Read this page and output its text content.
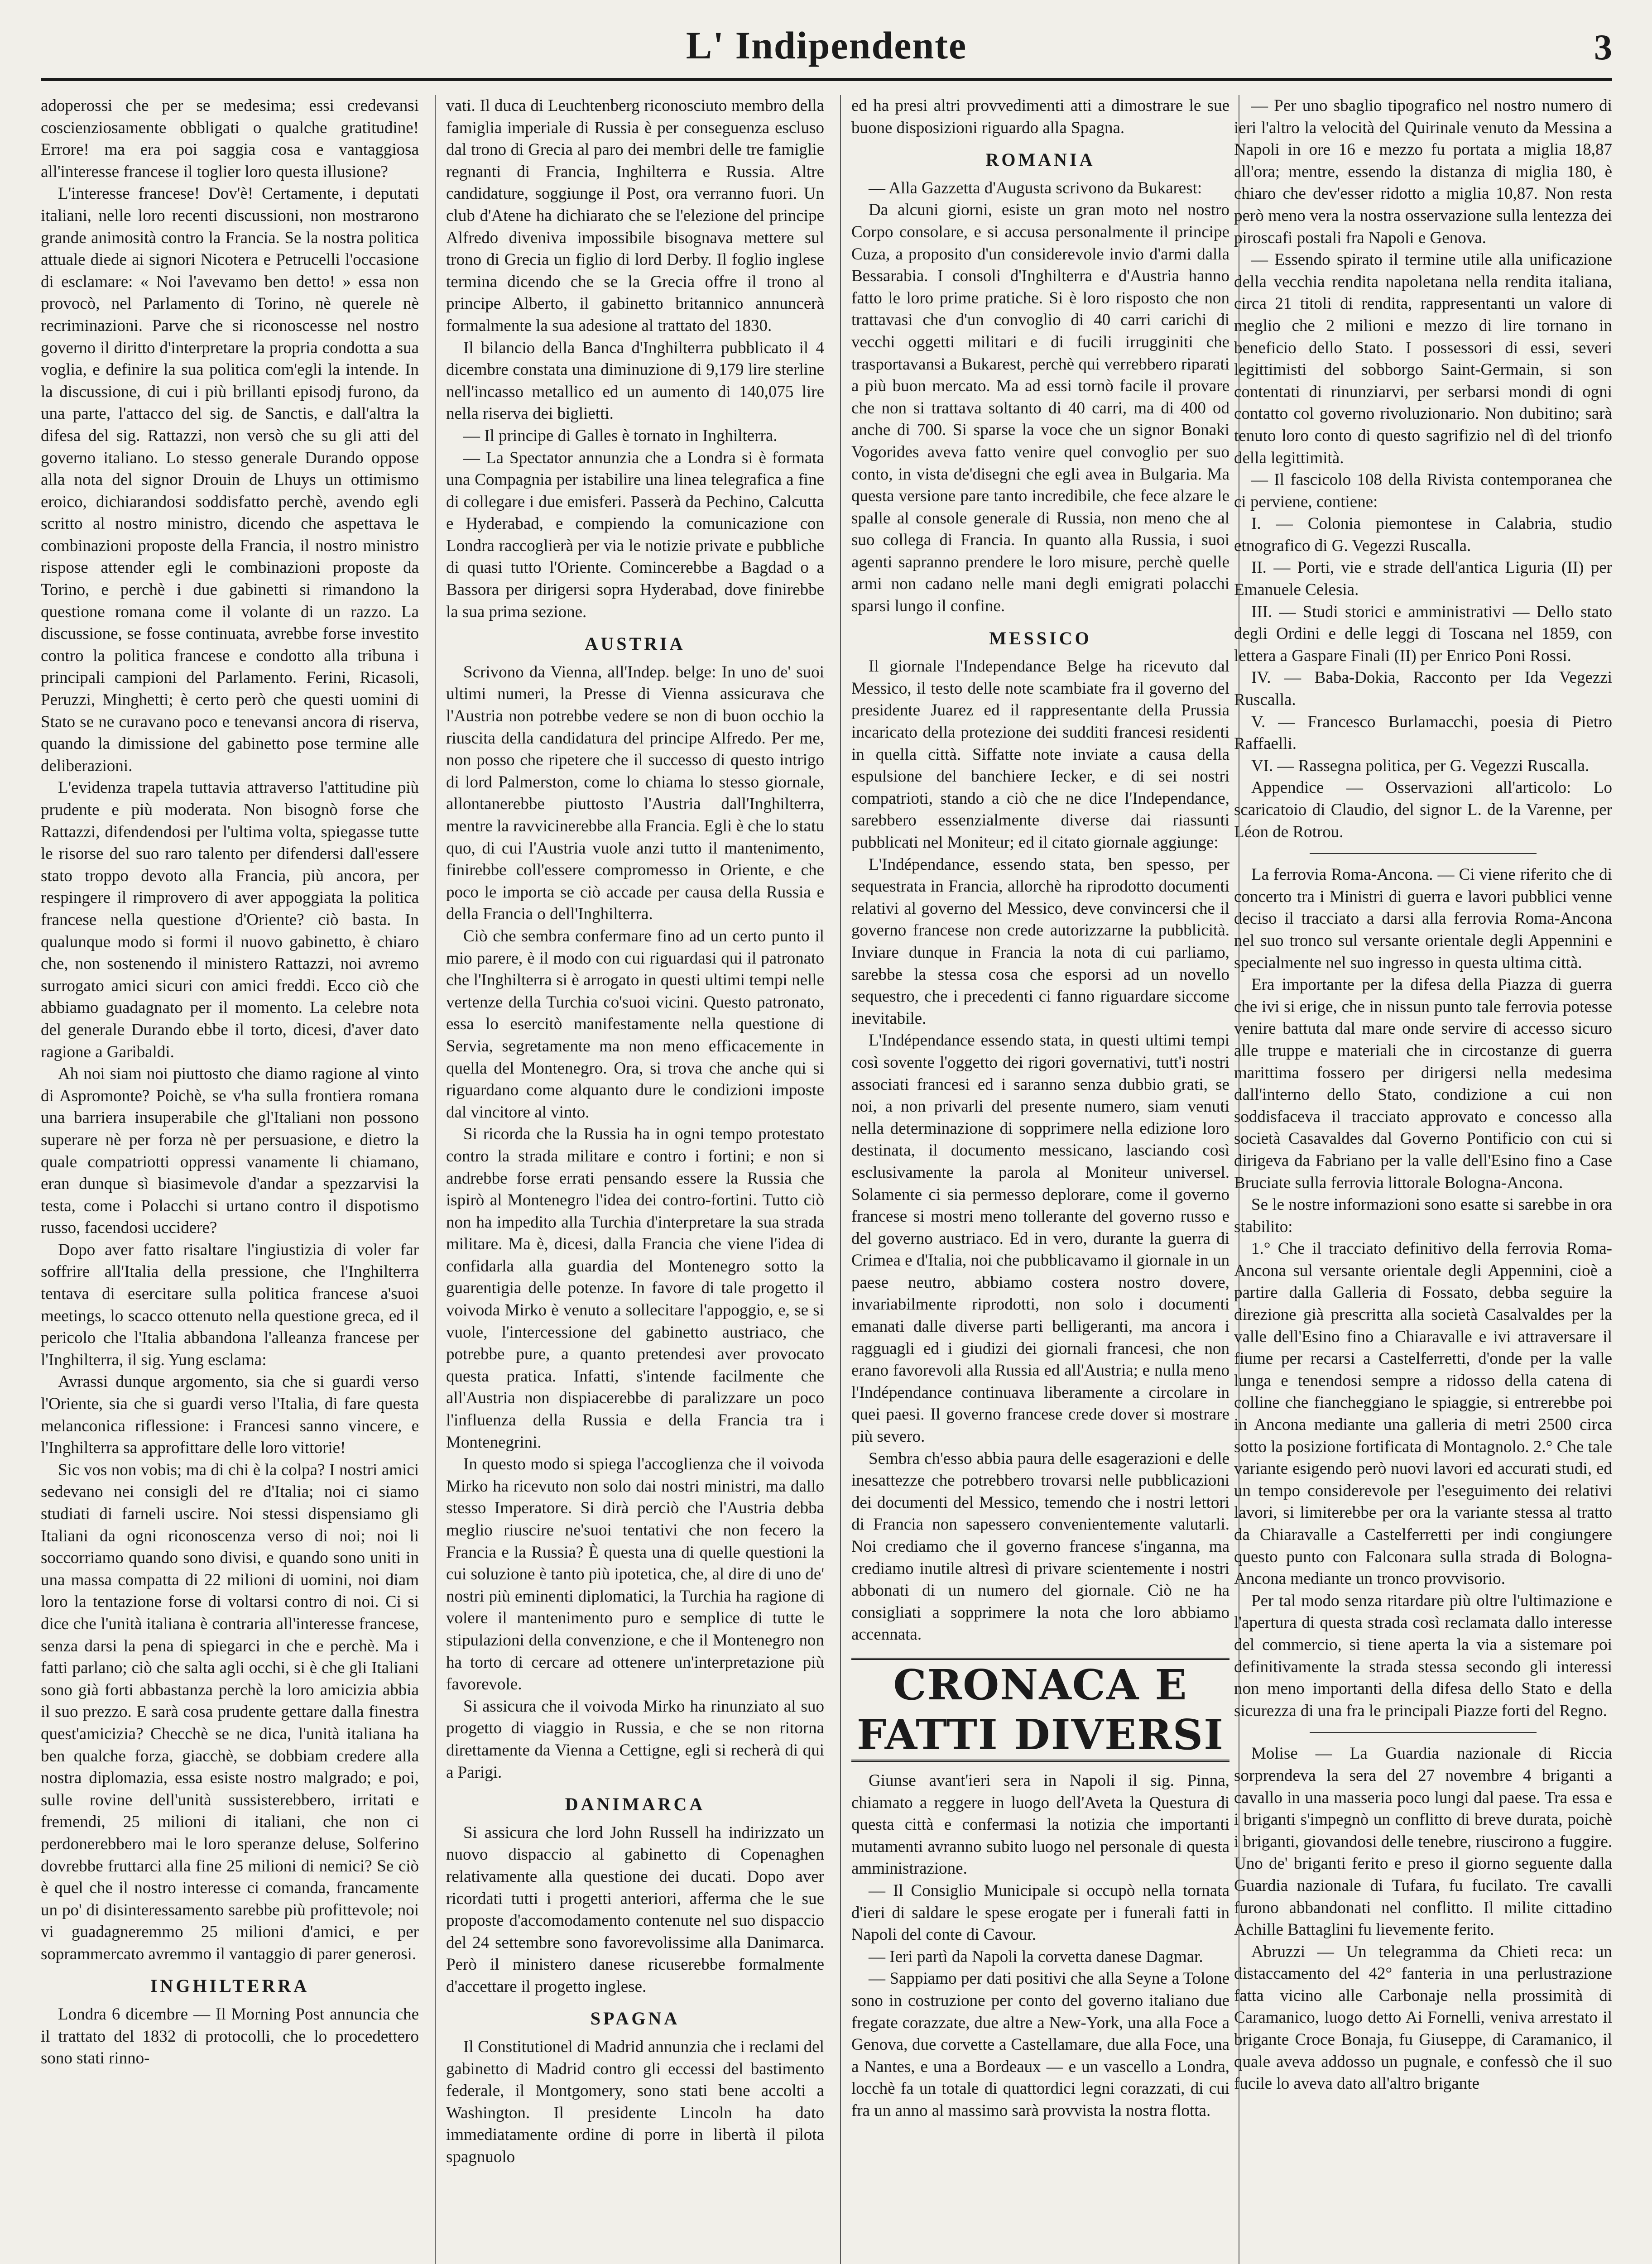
L' Indipendente	3

adoperossi che per se medesima; essi credevansi coscienziosamente obbligati o qualche gratitudine! Errore! ma era poi saggia cosa e vantaggiosa all'interesse francese il toglier loro questa illusione?

L'interesse francese! Dov'è! Certamente, i deputati italiani, nelle loro recenti discussioni, non mostrarono grande animosità contro la Francia. Se la nostra politica attuale diede ai signori Nicotera e Petrucelli l'occasione di esclamare: « Noi l'avevamo ben detto! » essa non provocò, nel Parlamento di Torino, nè querele nè recriminazioni. Parve che si riconoscesse nel nostro governo il diritto d'interpretare la propria condotta a sua voglia, e definire la sua politica com'egli la intende. In la discussione, di cui i più brillanti episodj furono, da una parte, l'attacco del sig. de Sanctis, e dall'altra la difesa del sig. Rattazzi, non versò che su gli atti del governo italiano. Lo stesso generale Durando oppose alla nota del signor Drouin de Lhuys un ottimismo eroico, dichiarandosi soddisfatto perchè, avendo egli scritto al nostro ministro, dicendo che aspettava le combinazioni proposte della Francia, il nostro ministro rispose attender egli le combinazioni proposte da Torino, e perchè i due gabinetti si rimandono la questione romana come il volante di un razzo. La discussione, se fosse continuata, avrebbe forse investito contro la politica francese e condotto alla tribuna i principali campioni del Parlamento. Ferini, Ricasoli, Peruzzi, Minghetti; è certo però che questi uomini di Stato se ne curavano poco e tenevansi ancora di riserva, quando la dimissione del gabinetto pose termine alle deliberazioni.

L'evidenza trapela tuttavia attraverso l'attitudine più prudente e più moderata. Non bisognò forse che Rattazzi, difendendosi per l'ultima volta, spiegasse tutte le risorse del suo raro talento per difendersi dall'essere stato troppo devoto alla Francia, più ancora, per respingere il rimprovero di aver appoggiata la politica francese nella questione d'Oriente? ciò basta. In qualunque modo si formi il nuovo gabinetto, è chiaro che, non sostenendo il ministero Rattazzi, noi avremo surrogato amici sicuri con amici freddi. Ecco ciò che abbiamo guadagnato per il momento. La celebre nota del generale Durando ebbe il torto, dicesi, d'aver dato ragione a Garibaldi.

Ah noi siam noi piuttosto che diamo ragione al vinto di Aspromonte? Poichè, se v'ha sulla frontiera romana una barriera insuperabile che gl'Italiani non possono superare nè per forza nè per persuasione, e dietro la quale compatriotti oppressi vanamente li chiamano, eran dunque sì biasimevole d'andar a spezzarvisi la testa, come i Polacchi si urtano contro il dispotismo russo, facendosi uccidere?

Dopo aver fatto risaltare l'ingiustizia di voler far soffrire all'Italia della pressione, che l'Inghilterra tentava di esercitare sulla politica francese a'suoi meetings, lo scacco ottenuto nella questione greca, ed il pericolo che l'Italia abbandona l'alleanza francese per l'Inghilterra, il sig. Yung esclama:

Avrassi dunque argomento, sia che si guardi verso l'Oriente, sia che si guardi verso l'Italia, di fare questa melanconica riflessione: i Francesi sanno vincere, e l'Inghilterra sa approfittare delle loro vittorie!

Sic vos non vobis; ma di chi è la colpa? I nostri amici sedevano nei consigli del re d'Italia; noi ci siamo studiati di farneli uscire. Noi stessi dispensiamo gli Italiani da ogni riconoscenza verso di noi; noi li soccorriamo quando sono divisi, e quando sono uniti in una massa compatta di 22 milioni di uomini, noi diam loro la tentazione forse di voltarsi contro di noi. Ci si dice che l'unità italiana è contraria all'interesse francese, senza darsi la pena di spiegarci in che e perchè. Ma i fatti parlano; ciò che salta agli occhi, si è che gli Italiani sono già forti abbastanza perchè la loro amicizia abbia il suo prezzo. E sarà cosa prudente gettare dalla finestra quest'amicizia? Checchè se ne dica, l'unità italiana ha ben qualche forza, giacchè, se dobbiam credere alla nostra diplomazia, essa esiste nostro malgrado; e poi, sulle rovine dell'unità sussisterebbero, irritati e fremendi, 25 milioni di italiani, che non ci perdonerebbero mai le loro speranze deluse, Solferino dovrebbe fruttarci alla fine 25 milioni di nemici? Se ciò è quel che il nostro interesse ci comanda, francamente un po' di disinteressamento sarebbe più profittevole; noi vi guadagneremmo 25 milioni d'amici, e per soprammercato avremmo il vantaggio di parer generosi.

INGHILTERRA

Londra 6 dicembre — Il Morning Post annuncia che il trattato del 1832 di protocolli, che lo procedettero sono stati rinno-

vati. Il duca di Leuchtenberg riconosciuto membro della famiglia imperiale di Russia è per conseguenza escluso dal trono di Grecia al paro dei membri delle tre famiglie regnanti di Francia, Inghilterra e Russia. Altre candidature, soggiunge il Post, ora verranno fuori. Un club d'Atene ha dichiarato che se l'elezione del principe Alfredo diveniva impossibile bisognava mettere sul trono di Grecia un figlio di lord Derby. Il foglio inglese termina dicendo che se la Grecia offre il trono al principe Alberto, il gabinetto britannico annuncerà formalmente la sua adesione al trattato del 1830.

Il bilancio della Banca d'Inghilterra pubblicato il 4 dicembre constata una diminuzione di 9,179 lire sterline nell'incasso metallico ed un aumento di 140,075 lire nella riserva dei biglietti.

— Il principe di Galles è tornato in Inghilterra.

— La Spectator annunzia che a Londra si è formata una Compagnia per istabilire una linea telegrafica a fine di collegare i due emisferi. Passerà da Pechino, Calcutta e Hyderabad, e compiendo la comunicazione con Londra raccoglierà per via le notizie private e pubbliche di quasi tutto l'Oriente. Comincerebbe a Bagdad o a Bassora per dirigersi sopra Hyderabad, dove finirebbe la sua prima sezione.

AUSTRIA

Scrivono da Vienna, all'Indep. belge: In uno de' suoi ultimi numeri, la Presse di Vienna assicurava che l'Austria non potrebbe vedere se non di buon occhio la riuscita della candidatura del principe Alfredo. Per me, non posso che ripetere che il successo di questo intrigo di lord Palmerston, come lo chiama lo stesso giornale, allontanerebbe piuttosto l'Austria dall'Inghilterra, mentre la ravvicinerebbe alla Francia. Egli è che lo statu quo, di cui l'Austria vuole anzi tutto il mantenimento, finirebbe coll'essere compromesso in Oriente, e che poco le importa se ciò accade per causa della Russia e della Francia o dell'Inghilterra.

Ciò che sembra confermare fino ad un certo punto il mio parere, è il modo con cui riguardasi qui il patronato che l'Inghilterra si è arrogato in questi ultimi tempi nelle vertenze della Turchia co'suoi vicini. Questo patronato, essa lo esercitò manifestamente nella questione di Servia, segretamente ma non meno efficacemente in quella del Montenegro. Ora, si trova che anche qui si riguardano come alquanto dure le condizioni imposte dal vincitore al vinto.

Si ricorda che la Russia ha in ogni tempo protestato contro la strada militare e contro i fortini; e non si andrebbe forse errati pensando essere la Russia che ispirò al Montenegro l'idea dei contro-fortini. Tutto ciò non ha impedito alla Turchia d'interpretare la sua strada militare. Ma è, dicesi, dalla Francia che viene l'idea di confidarla alla guardia del Montenegro sotto la guarentigia delle potenze. In favore di tale progetto il voivoda Mirko è venuto a sollecitare l'appoggio, e, se si vuole, l'intercessione del gabinetto austriaco, che potrebbe pure, a quanto pretendesi aver provocato questa pratica. Infatti, s'intende facilmente che all'Austria non dispiacerebbe di paralizzare un poco l'influenza della Russia e della Francia tra i Montenegrini.

In questo modo si spiega l'accoglienza che il voivoda Mirko ha ricevuto non solo dai nostri ministri, ma dallo stesso Imperatore. Si dirà perciò che l'Austria debba meglio riuscire ne'suoi tentativi che non fecero la Francia e la Russia? È questa una di quelle questioni la cui soluzione è tanto più ipotetica, che, al dire di uno de' nostri più eminenti diplomatici, la Turchia ha ragione di volere il mantenimento puro e semplice di tutte le stipulazioni della convenzione, e che il Montenegro non ha torto di cercare ad ottenere un'interpretazione più favorevole.

Si assicura che il voivoda Mirko ha rinunziato al suo progetto di viaggio in Russia, e che se non ritorna direttamente da Vienna a Cettigne, egli si recherà di qui a Parigi.

DANIMARCA

Si assicura che lord John Russell ha indirizzato un nuovo dispaccio al gabinetto di Copenaghen relativamente alla questione dei ducati. Dopo aver ricordati tutti i progetti anteriori, afferma che le sue proposte d'accomodamento contenute nel suo dispaccio del 24 settembre sono favorevolissime alla Danimarca. Però il ministero danese ricuserebbe formalmente d'accettare il progetto inglese.

SPAGNA

Il Constitutionel di Madrid annunzia che i reclami del gabinetto di Madrid contro gli eccessi del bastimento federale, il Montgomery, sono stati bene accolti a Washington. Il presidente Lincoln ha dato immediatamente ordine di porre in libertà il pilota spagnuolo

ed ha presi altri provvedimenti atti a dimostrare le sue buone disposizioni riguardo alla Spagna.

ROMANIA

— Alla Gazzetta d'Augusta scrivono da Bukarest:

Da alcuni giorni, esiste un gran moto nel nostro Corpo consolare, e si accusa personalmente il principe Cuza, a proposito d'un considerevole invio d'armi dalla Bessarabia. I consoli d'Inghilterra e d'Austria hanno fatto le loro prime pratiche. Si è loro risposto che non trattavasi che d'un convoglio di 40 carri carichi di vecchi oggetti militari e di fucili irrugginiti che trasportavansi a Bukarest, perchè qui verrebbero riparati a più buon mercato. Ma ad essi tornò facile il provare che non si trattava soltanto di 40 carri, ma di 400 od anche di 700. Si sparse la voce che un signor Bonaki Vogorides aveva fatto venire quel convoglio per suo conto, in vista de'disegni che egli avea in Bulgaria. Ma questa versione pare tanto incredibile, che fece alzare le spalle al console generale di Russia, non meno che al suo collega di Francia. In quanto alla Russia, i suoi agenti sapranno prendere le loro misure, perchè quelle armi non cadano nelle mani degli emigrati polacchi sparsi lungo il confine.

MESSICO

Il giornale l'Independance Belge ha ricevuto dal Messico, il testo delle note scambiate fra il governo del presidente Juarez ed il rappresentante della Prussia incaricato della protezione dei sudditi francesi residenti in quella città. Siffatte note inviate a causa della espulsione del banchiere Iecker, e di sei nostri compatrioti, stando a ciò che ne dice l'Independance, sarebbero essenzialmente diverse dai riassunti pubblicati nel Moniteur; ed il citato giornale aggiunge:

L'Indépendance, essendo stata, ben spesso, per sequestrata in Francia, allorchè ha riprodotto documenti relativi al governo del Messico, deve convincersi che il governo francese non crede autorizzarne la pubblicità. Inviare dunque in Francia la nota di cui parliamo, sarebbe la stessa cosa che esporsi ad un novello sequestro, che i precedenti ci fanno riguardare siccome inevitabile.

L'Indépendance essendo stata, in questi ultimi tempi così sovente l'oggetto dei rigori governativi, tutt'i nostri associati francesi ed i saranno senza dubbio grati, se noi, a non privarli del presente numero, siam venuti nella determinazione di sopprimere nella edizione loro destinata, il documento messicano, lasciando così esclusivamente la parola al Moniteur universel. Solamente ci sia permesso deplorare, come il governo francese si mostri meno tollerante del governo russo e del governo austriaco. Ed in vero, durante la guerra di Crimea e d'Italia, noi che pubblicavamo il giornale in un paese neutro, abbiamo costera nostro dovere, invariabilmente riprodotti, non solo i documenti emanati dalle diverse parti belligeranti, ma ancora i ragguagli ed i giudizi dei giornali francesi, che non erano favorevoli alla Russia ed all'Austria; e nulla meno l'Indépendance continuava liberamente a circolare in quei paesi. Il governo francese crede dover si mostrare più severo.

Sembra ch'esso abbia paura delle esagerazioni e delle inesattezze che potrebbero trovarsi nelle pubblicazioni dei documenti del Messico, temendo che i nostri lettori di Francia non sapessero convenientemente valutarli. Noi crediamo che il governo francese s'inganna, ma crediamo inutile altresì di privare scientemente i nostri abbonati di un numero del giornale. Ciò ne ha consigliati a sopprimere la nota che loro abbiamo accennata.

CRONACA E FATTI DIVERSI

Giunse avant'ieri sera in Napoli il sig. Pinna, chiamato a reggere in luogo dell'Aveta la Questura di questa città e confermasi la notizia che importanti mutamenti avranno subito luogo nel personale di questa amministrazione.

— Il Consiglio Municipale si occupò nella tornata d'ieri di saldare le spese erogate per i funerali fatti in Napoli del conte di Cavour.

— Ieri partì da Napoli la corvetta danese Dagmar.

— Sappiamo per dati positivi che alla Seyne a Tolone sono in costruzione per conto del governo italiano due fregate corazzate, due altre a New-York, una alla Foce a Genova, due corvette a Castellamare, due alla Foce, una a Nantes, e una a Bordeaux — e un vascello a Londra, locchè fa un totale di quattordici legni corazzati, di cui fra un anno al massimo sarà provvista la nostra flotta.

— Per uno sbaglio tipografico nel nostro numero di ieri l'altro la velocità del Quirinale venuto da Messina a Napoli in ore 16 e mezzo fu portata a miglia 18,87 all'ora; mentre, essendo la distanza di miglia 180, è chiaro che dev'esser ridotto a miglia 10,87. Non resta però meno vera la nostra osservazione sulla lentezza dei piroscafi postali fra Napoli e Genova.

— Essendo spirato il termine utile alla unificazione della vecchia rendita napoletana nella rendita italiana, circa 21 titoli di rendita, rappresentanti un valore di meglio che 2 milioni e mezzo di lire tornano in beneficio dello Stato. I possessori di essi, severi legittimisti del sobborgo Saint-Germain, si son contentati di rinunziarvi, per serbarsi mondi di ogni contatto col governo rivoluzionario. Non dubitino; sarà tenuto loro conto di questo sagrifizio nel dì del trionfo della legittimità.

— Il fascicolo 108 della Rivista contemporanea che ci perviene, contiene:

I. — Colonia piemontese in Calabria, studio etnografico di G. Vegezzi Ruscalla.

II. — Porti, vie e strade dell'antica Liguria (II) per Emanuele Celesia.

III. — Studi storici e amministrativi — Dello stato degli Ordini e delle leggi di Toscana nel 1859, con lettera a Gaspare Finali (II) per Enrico Poni Rossi.

IV. — Baba-Dokia, Racconto per Ida Vegezzi Ruscalla.

V. — Francesco Burlamacchi, poesia di Pietro Raffaelli.

VI. — Rassegna politica, per G. Vegezzi Ruscalla.

Appendice — Osservazioni all'articolo: Lo scaricatoio di Claudio, del signor L. de la Varenne, per Léon de Rotrou.

La ferrovia Roma-Ancona. — Ci viene riferito che di concerto tra i Ministri di guerra e lavori pubblici venne deciso il tracciato a darsi alla ferrovia Roma-Ancona nel suo tronco sul versante orientale degli Appennini e specialmente nel suo ingresso in questa ultima città.

Era importante per la difesa della Piazza di guerra che ivi si erige, che in nissun punto tale ferrovia potesse venire battuta dal mare onde servire di accesso sicuro alle truppe e materiali che in circostanze di guerra marittima fossero per dirigersi nella medesima dall'interno dello Stato, condizione a cui non soddisfaceva il tracciato approvato e concesso alla società Casavaldes dal Governo Pontificio con cui si dirigeva da Fabriano per la valle dell'Esino fino a Case Bruciate sulla ferrovia littorale Bologna-Ancona.

Se le nostre informazioni sono esatte si sarebbe in ora stabilito:

1.° Che il tracciato definitivo della ferrovia Roma-Ancona sul versante orientale degli Appennini, cioè a partire dalla Galleria di Fossato, debba seguire la direzione già prescritta alla società Casalvaldes per la valle dell'Esino fino a Chiaravalle e ivi attraversare il fiume per recarsi a Castelferretti, d'onde per la valle lunga e tenendosi sempre a ridosso della catena di colline che fiancheggiano le spiaggie, si entrerebbe poi in Ancona mediante una galleria di metri 2500 circa sotto la posizione fortificata di Montagnolo. 2.° Che tale variante esigendo però nuovi lavori ed accurati studi, ed un tempo considerevole per l'eseguimento dei relativi lavori, si limiterebbe per ora la variante stessa al tratto da Chiaravalle a Castelferretti per indi congiungere questo punto con Falconara sulla strada di Bologna-Ancona mediante un tronco provvisorio.

Per tal modo senza ritardare più oltre l'ultimazione e l'apertura di questa strada così reclamata dallo interesse del commercio, si tiene aperta la via a sistemare poi definitivamente la strada stessa secondo gli interessi non meno importanti della difesa dello Stato e della sicurezza di una fra le principali Piazze forti del Regno.

Molise — La Guardia nazionale di Riccia sorprendeva la sera del 27 novembre 4 briganti a cavallo in una masseria poco lungi dal paese. Tra essa e i briganti s'impegnò un conflitto di breve durata, poichè i briganti, giovandosi delle tenebre, riuscirono a fuggire. Uno de' briganti ferito e preso il giorno seguente dalla Guardia nazionale di Tufara, fu fucilato. Tre cavalli furono abbandonati nel conflitto. Il milite cittadino Achille Battaglini fu lievemente ferito.

Abruzzi — Un telegramma da Chieti reca: un distaccamento del 42° fanteria in una perlustrazione fatta vicino alle Carbonaje nella prossimità di Caramanico, luogo detto Ai Fornelli, veniva arrestato il brigante Croce Bonaja, fu Giuseppe, di Caramanico, il quale aveva addosso un pugnale, e confessò che il suo fucile lo aveva dato all'altro brigante
